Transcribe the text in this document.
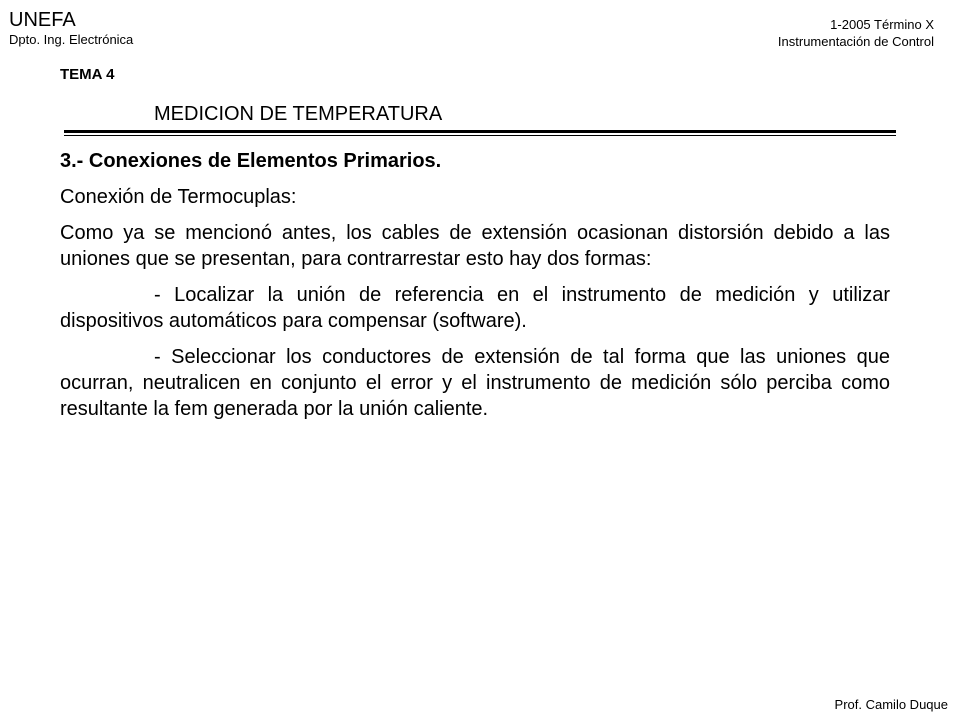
UNEFA
Dpto. Ing. Electrónica
1-2005 Término X
Instrumentación de Control
TEMA 4
MEDICION DE TEMPERATURA

3.- Conexiones de Elementos Primarios.

Conexión de Termocuplas:

Como ya se mencionó antes, los cables de extensión ocasionan distorsión debido a las uniones que se presentan, para contrarrestar esto hay dos formas:

- Localizar la unión de referencia en el instrumento de medición y utilizar dispositivos automáticos para compensar (software).

- Seleccionar los conductores de extensión de tal forma que las uniones que ocurran, neutralicen en conjunto el error y el instrumento de medición sólo perciba como resultante la fem generada por la unión caliente.

Prof. Camilo Duque
